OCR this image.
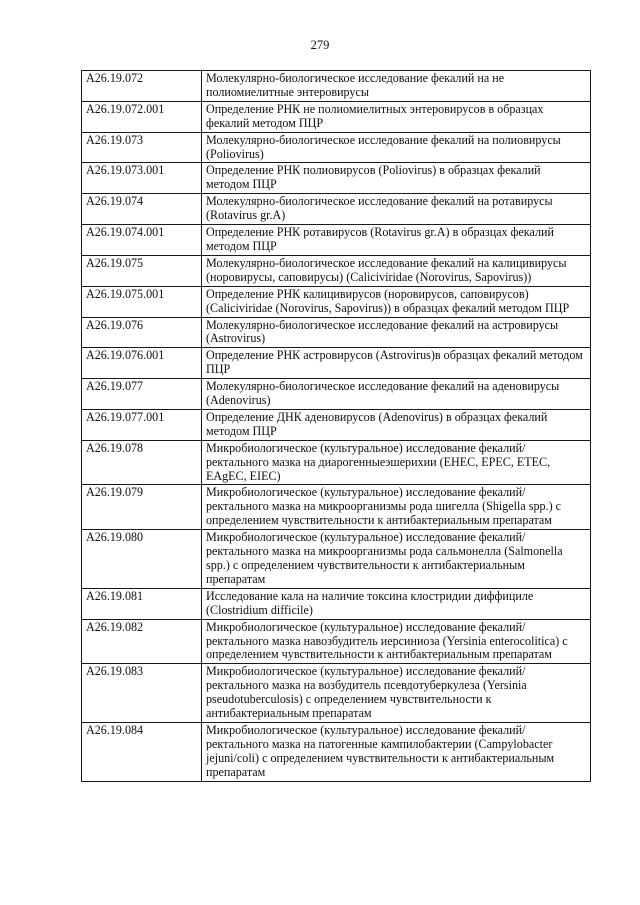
279
A26.19.072	Молекулярно-биологическое исследование фекалий на не полиомиелитные энтеровирусы
A26.19.072.001	Определение РНК не полиомиелитных энтеровирусов в образцах фекалий методом ПЦР
A26.19.073	Молекулярно-биологическое исследование фекалий на полиовирусы (Poliovirus)
A26.19.073.001	Определение РНК полиовирусов (Poliovirus) в образцах фекалий методом ПЦР
A26.19.074	Молекулярно-биологическое исследование фекалий на ротавирусы (Rotavirus gr.A)
A26.19.074.001	Определение РНК ротавирусов (Rotavirus gr.A) в образцах фекалий методом ПЦР
A26.19.075	Молекулярно-биологическое исследование фекалий на калицивирусы (норовирусы, саповирусы) (Caliciviridae (Norovirus, Sapovirus))
A26.19.075.001	Определение РНК калицивирусов (норовирусов, саповирусов) (Caliciviridae (Norovirus, Sapovirus)) в образцах фекалий методом ПЦР
A26.19.076	Молекулярно-биологическое исследование фекалий на астровирусы (Astrovirus)
A26.19.076.001	Определение РНК астровирусов (Astrovirus)в образцах фекалий методом ПЦР
A26.19.077	Молекулярно-биологическое исследование фекалий на аденовирусы (Adenovirus)
A26.19.077.001	Определение ДНК аденовирусов (Adenovirus) в образцах фекалий методом ПЦР
A26.19.078	Микробиологическое (культуральное) исследование фекалий/ректального мазка на диарогенныеэшерихии (EHEC, EPEC, ETEC, EAgEC, EIEC)
A26.19.079	Микробиологическое (культуральное) исследование фекалий/ректального мазка на микроорганизмы рода шигелла (Shigella spp.) с определением чувствительности к антибактериальным препаратам
A26.19.080	Микробиологическое (культуральное) исследование фекалий/ректального мазка на микроорганизмы рода сальмонелла (Salmonella spp.) с определением чувствительности к антибактериальным препаратам
A26.19.081	Исследование кала на наличие токсина клостридии диффициле (Clostridium difficile)
A26.19.082	Микробиологическое (культуральное) исследование фекалий/ректального мазка навозбудитель иерсиниоза (Yersinia enterocolitica) с определением чувствительности к антибактериальным препаратам
A26.19.083	Микробиологическое (культуральное) исследование фекалий/ректального мазка на возбудитель псевдотуберкулеза (Yersinia pseudotuberculosis) с определением чувствительности к антибактериальным препаратам
A26.19.084	Микробиологическое (культуральное) исследование фекалий/ректального мазка на патогенные кампилобактерии (Campylobacter jejuni/coli) с определением чувствительности к антибактериальным препаратам
